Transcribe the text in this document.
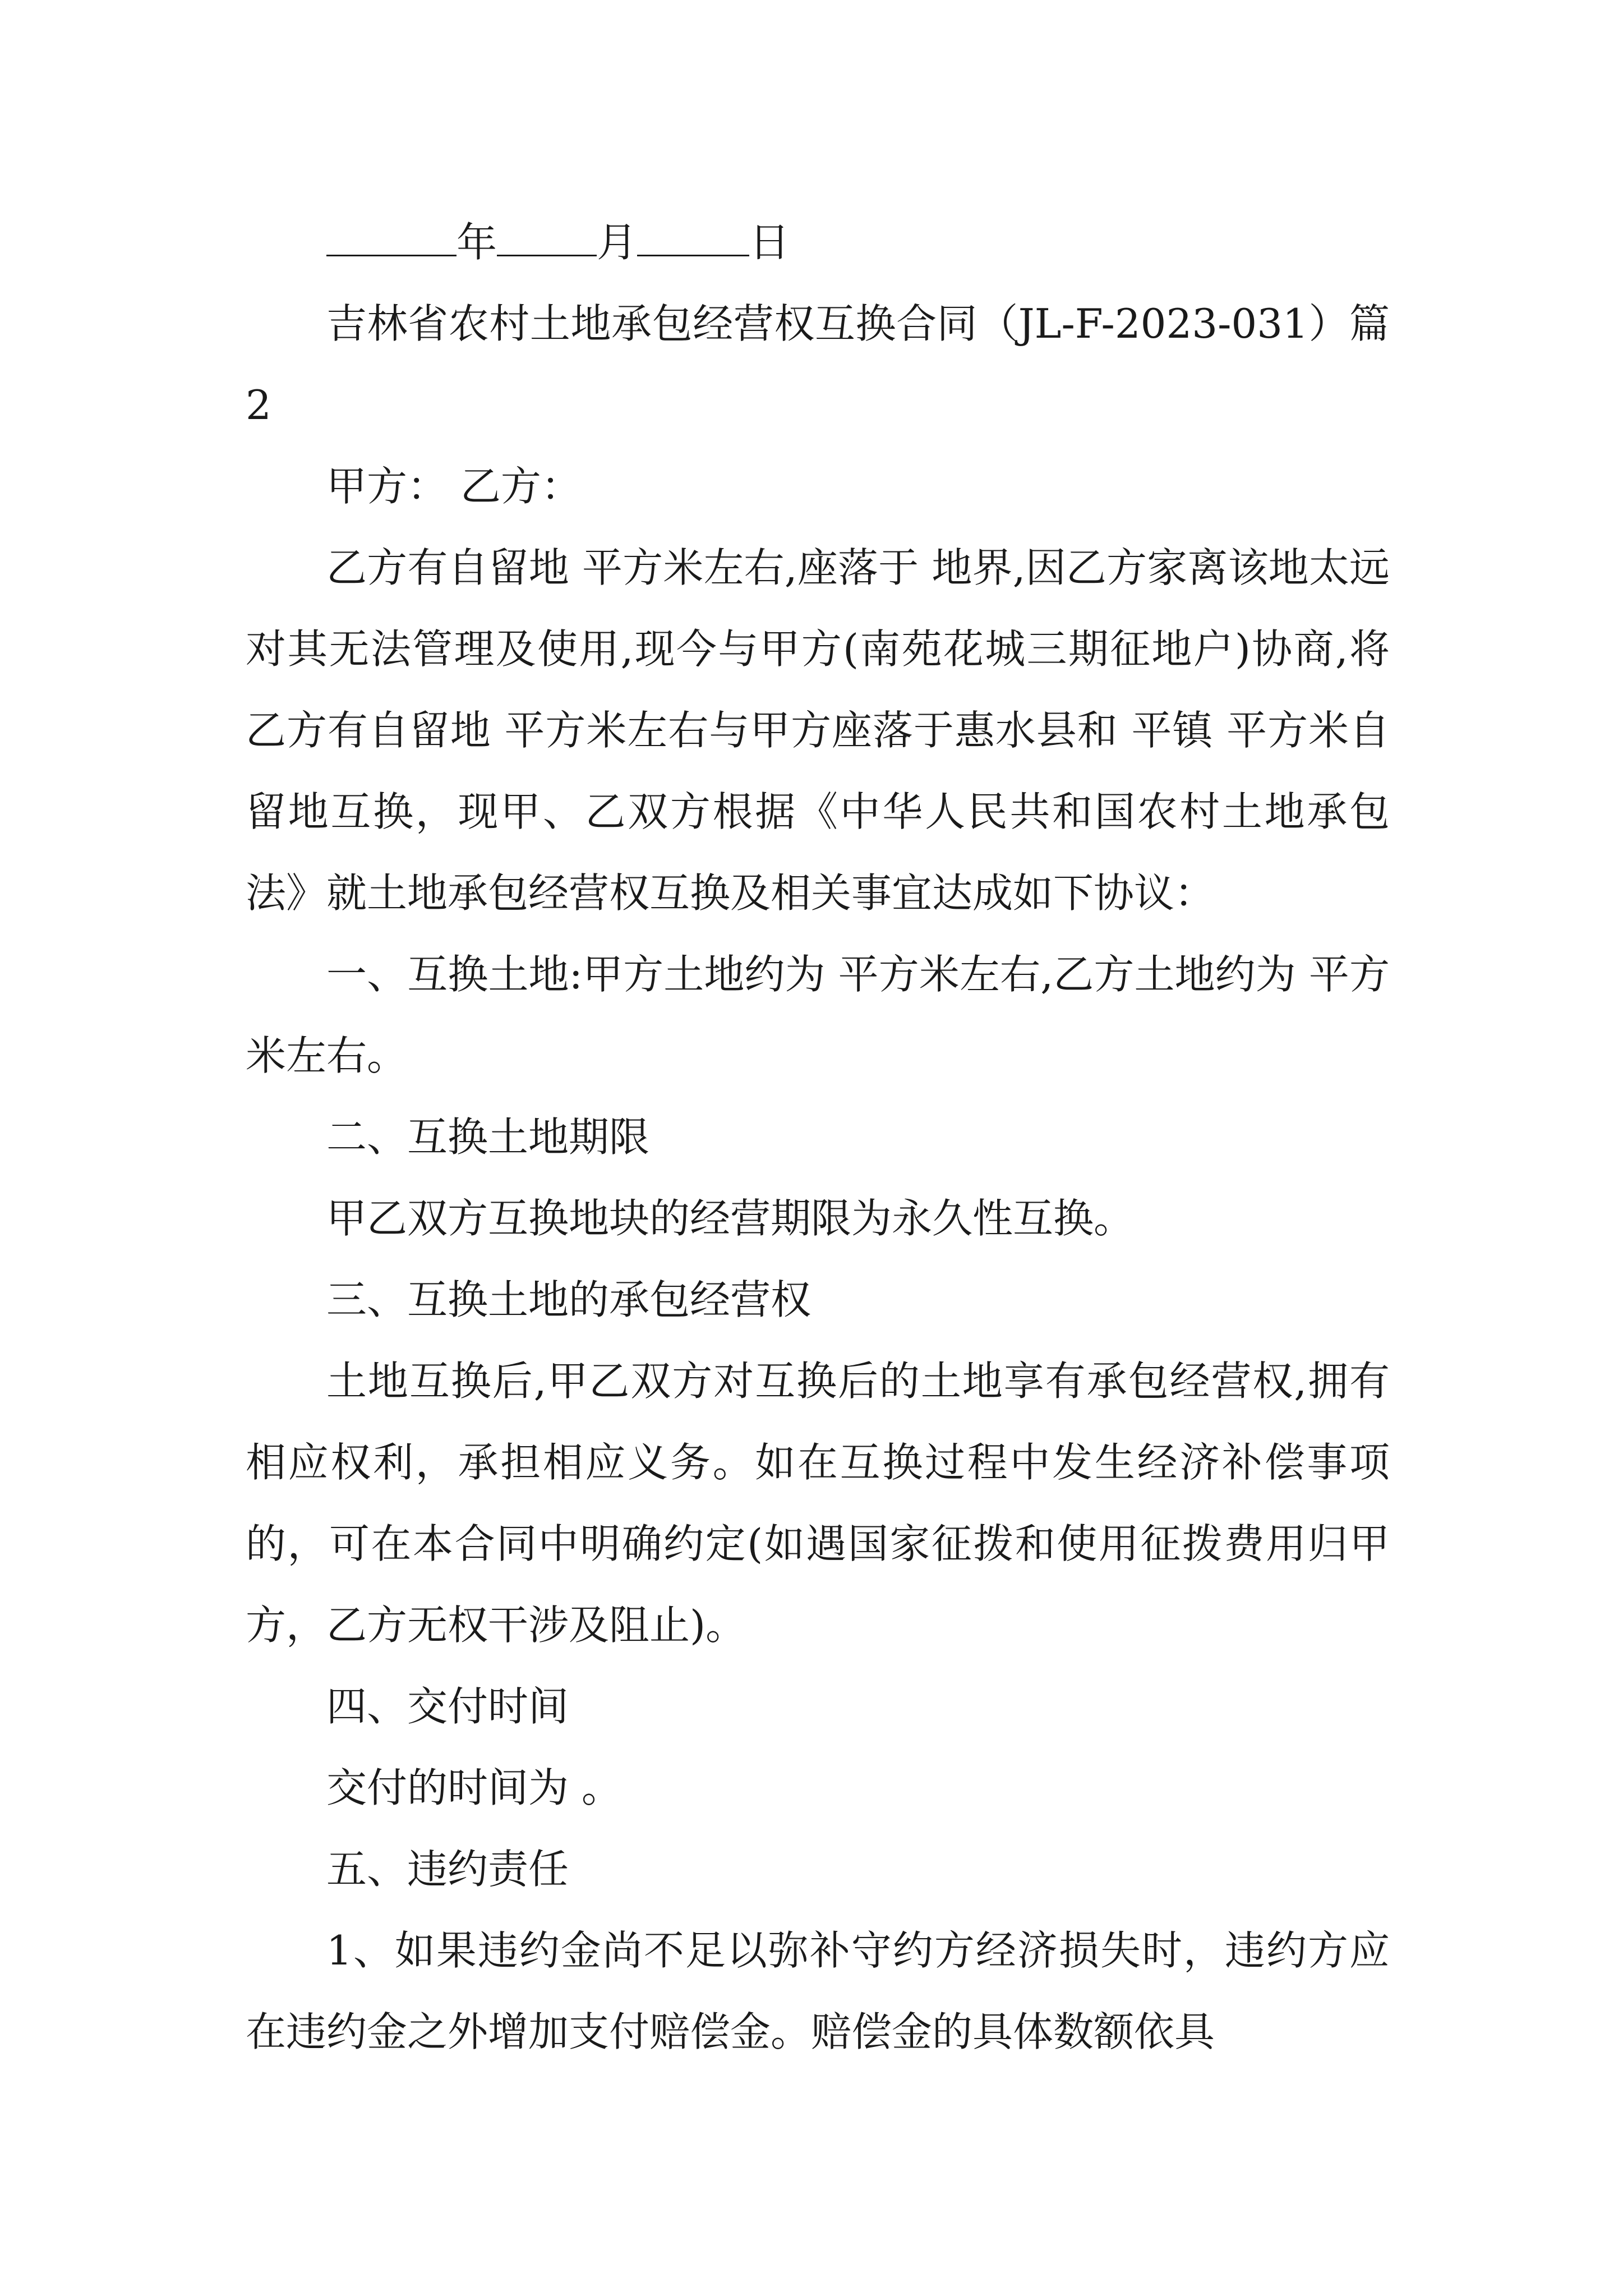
年 月	日

吉林省农村土地承包经营权互换合同（JL-F-2023-031）篇2

甲方： 乙方：

乙方有自留地 平方米左右,座落于 地界,因乙方家离该地太远对其无法管理及使用,现今与甲方(南苑花城三期征地户)协商,将乙方有自留地 平方米左右与甲方座落于惠水县和 平镇 平方米自留地互换，现甲、乙双方根据《中华人民共和国农村土地承包法》就土地承包经营权互换及相关事宜达成如下协议：

一、互换土地:甲方土地约为 平方米左右,乙方土地约为 平方米左右。

二、互换土地期限

甲乙双方互换地块的经营期限为永久性互换。

三、互换土地的承包经营权

土地互换后,甲乙双方对互换后的土地享有承包经营权,拥有相应权利，承担相应义务。如在互换过程中发生经济补偿事项的，可在本合同中明确约定(如遇国家征拨和使用征拨费用归甲方，乙方无权干涉及阻止)。

四、交付时间

交付的时间为 。

五、违约责任

1、如果违约金尚不足以弥补守约方经济损失时，违约方应在违约金之外增加支付赔偿金。赔偿金的具体数额依具
